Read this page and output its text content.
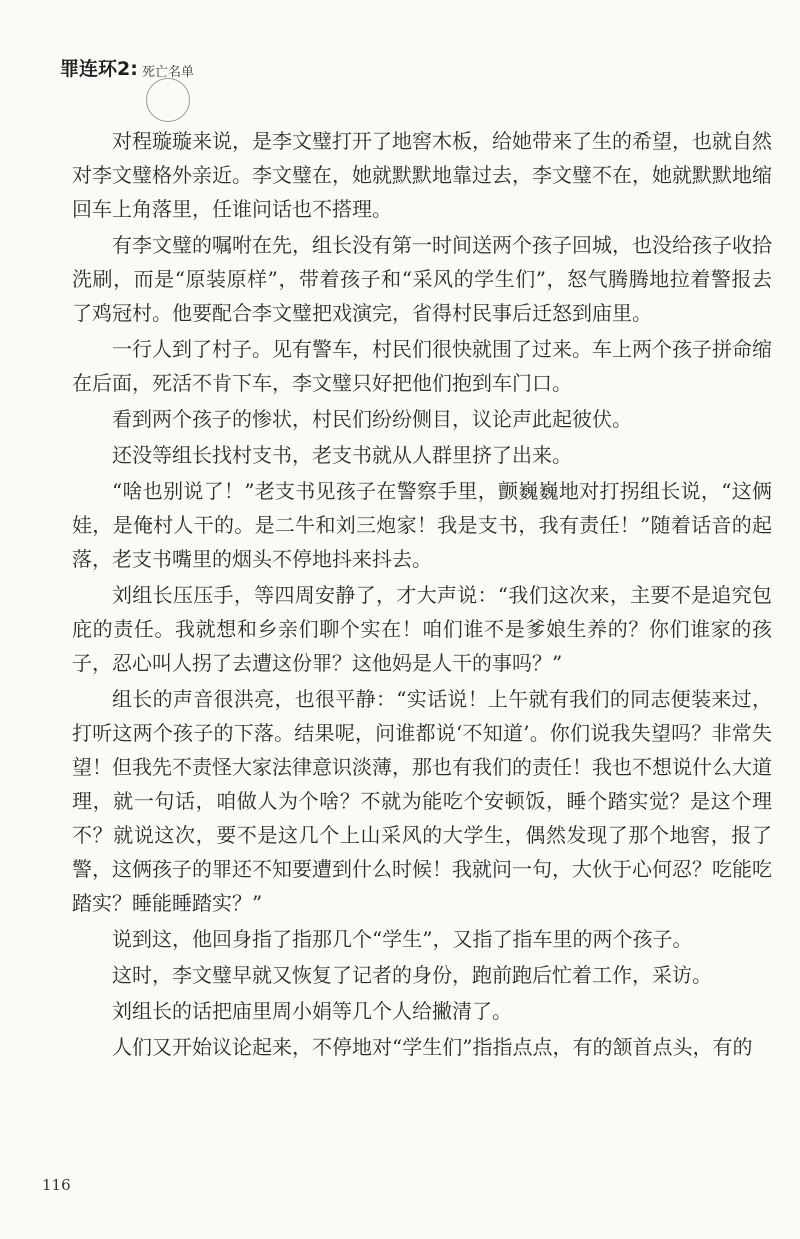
罪连环2: 死亡名单

对程璇璇来说，是李文璧打开了地窖木板，给她带来了生的希望，也就自然对李文璧格外亲近。李文璧在，她就默默地靠过去，李文璧不在，她就默默地缩回车上角落里，任谁问话也不搭理。

有李文璧的嘱咐在先，组长没有第一时间送两个孩子回城，也没给孩子收拾洗刷，而是“原装原样”，带着孩子和“采风的学生们”，怒气腾腾地拉着警报去了鸡冠村。他要配合李文璧把戏演完，省得村民事后迁怒到庙里。

一行人到了村子。见有警车，村民们很快就围了过来。车上两个孩子拼命缩在后面，死活不肯下车，李文璧只好把他们抱到车门口。

看到两个孩子的惨状，村民们纷纷侧目，议论声此起彼伏。

还没等组长找村支书，老支书就从人群里挤了出来。

“啥也别说了！”老支书见孩子在警察手里，颤巍巍地对打拐组长说，“这俩娃，是俺村人干的。是二牛和刘三炮家！我是支书，我有责任！”随着话音的起落，老支书嘴里的烟头不停地抖来抖去。

刘组长压压手，等四周安静了，才大声说：“我们这次来，主要不是追究包庇的责任。我就想和乡亲们聊个实在！咱们谁不是爹娘生养的？你们谁家的孩子，忍心叫人拐了去遭这份罪？这他妈是人干的事吗？”

组长的声音很洪亮，也很平静：“实话说！上午就有我们的同志便装来过，打听这两个孩子的下落。结果呢，问谁都说‘不知道’。你们说我失望吗？非常失望！但我先不责怪大家法律意识淡薄，那也有我们的责任！我也不想说什么大道理，就一句话，咱做人为个啥？不就为能吃个安顿饭，睡个踏实觉？是这个理不？就说这次，要不是这几个上山采风的大学生，偶然发现了那个地窖，报了警，这俩孩子的罪还不知要遭到什么时候！我就问一句，大伙于心何忍？吃能吃踏实？睡能睡踏实？”

说到这，他回身指了指那几个“学生”，又指了指车里的两个孩子。

这时，李文璧早就又恢复了记者的身份，跑前跑后忙着工作，采访。

刘组长的话把庙里周小娟等几个人给撇清了。

人们又开始议论起来，不停地对“学生们”指指点点，有的颔首点头，有的

116
